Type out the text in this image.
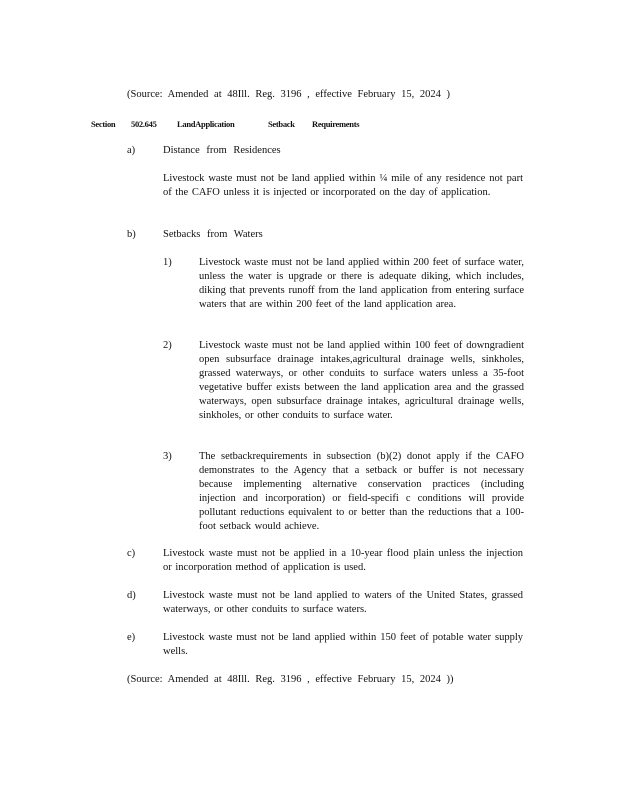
(Source: Amended at 48Ill. Reg. 3196 , effective February 15, 2024 )
Section 502.645 LandApplication	Setback Requirements
a)	Distance from Residences
Livestock waste must not be land applied within ¼ mile of any residence not part of the CAFO unless it is injected or incorporated on the day of application.
b)	Setbacks from Waters
1)	Livestock waste must not be land applied within 200 feet of surface water, unless the water is upgrade or there is adequate diking, which includes, diking that prevents runoff from the land application from entering surface waters that are within 200 feet of the land application area.
2)	Livestock waste must not be land applied within 100 feet of downgradient open subsurface drainage intakes,agricultural drainage wells, sinkholes, grassed waterways, or other conduits to surface waters unless a 35-foot vegetative buffer exists between the land application area and the grassed waterways, open subsurface drainage intakes, agricultural drainage wells, sinkholes, or other conduits to surface water.
3)	The setbackrequirements in subsection (b)(2) donot apply if the CAFO demonstrates to the Agency that a setback or buffer is not necessary because implementing alternative conservation practices (including injection and incorporation) or field-specifi c conditions will provide pollutant reductions equivalent to or better than the reductions that a 100-foot setback would achieve.
c)	Livestock waste must not be applied in a 10-year flood plain unless the injection or incorporation method of application is used.
d)	Livestock waste must not be land applied to waters of the United States, grassed waterways, or other conduits to surface waters.
e)	Livestock waste must not be land applied within 150 feet of potable water supply wells.
(Source: Amended at 48Ill. Reg. 3196 , effective February 15, 2024 ))
